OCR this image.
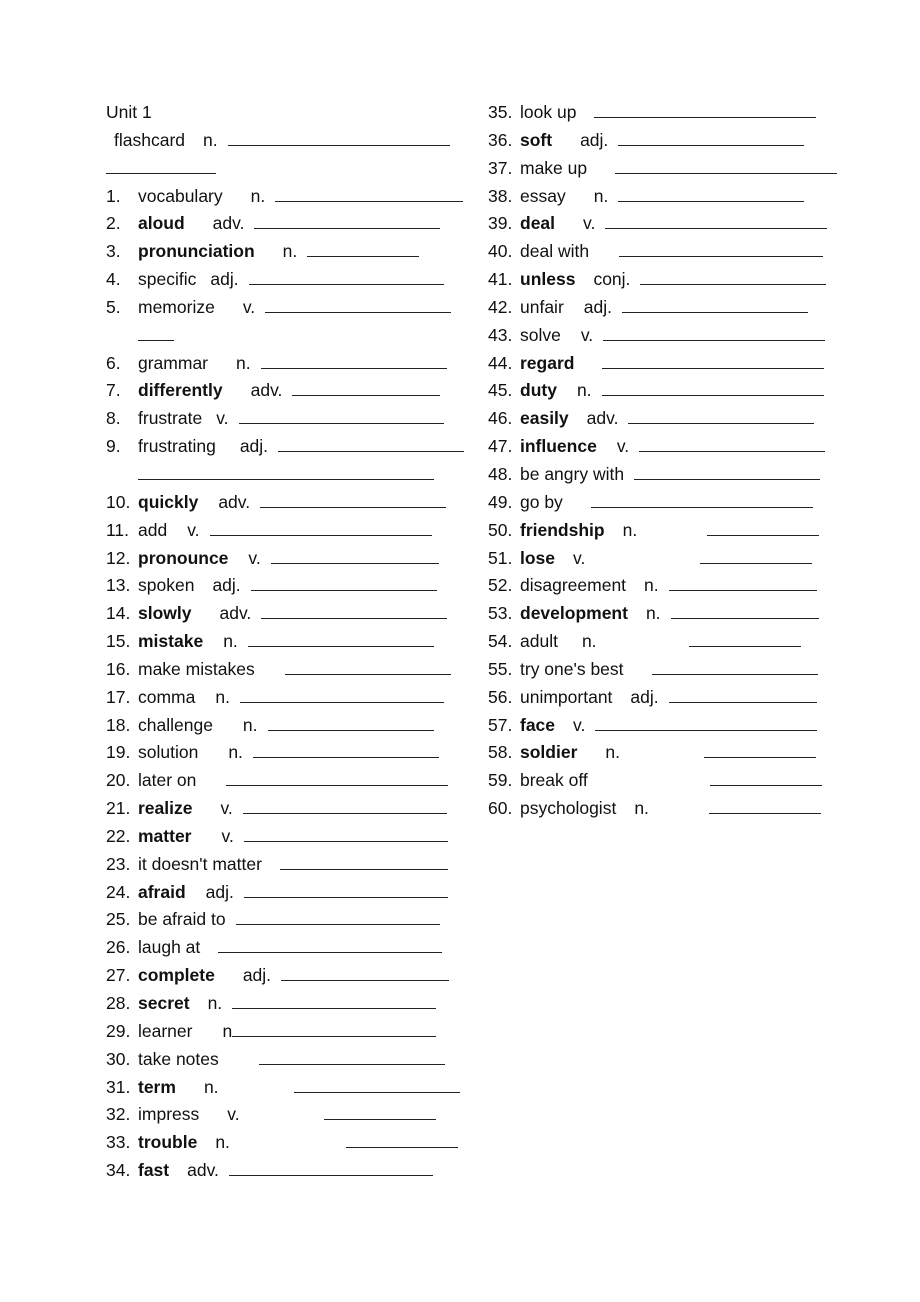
Unit 1
flashcard n.
1. vocabulary n.
2. aloud adv.
3. pronunciation n.
4. specific adj.
5. memorize v.
6. grammar n.
7. differently adv.
8. frustrate v.
9. frustrating adj.
10. quickly adv.
11. add v.
12. pronounce v.
13. spoken adj.
14. slowly adv.
15. mistake n.
16. make mistakes
17. comma n.
18. challenge n.
19. solution n.
20. later on
21. realize v.
22. matter v.
23. it doesn't matter
24. afraid adj.
25. be afraid to
26. laugh at
27. complete adj.
28. secret n.
29. learner n
30. take notes
31. term n.
32. impress v.
33. trouble n.
34. fast adv.
35. look up
36. soft adj.
37. make up
38. essay n.
39. deal v.
40. deal with
41. unless conj.
42. unfair adj.
43. solve v.
44. regard
45. duty n.
46. easily adv.
47. influence v.
48. be angry with
49. go by
50. friendship n.
51. lose v.
52. disagreement n.
53. development n.
54. adult n.
55. try one's best
56. unimportant adj.
57. face v.
58. soldier n.
59. break off
60. psychologist n.
